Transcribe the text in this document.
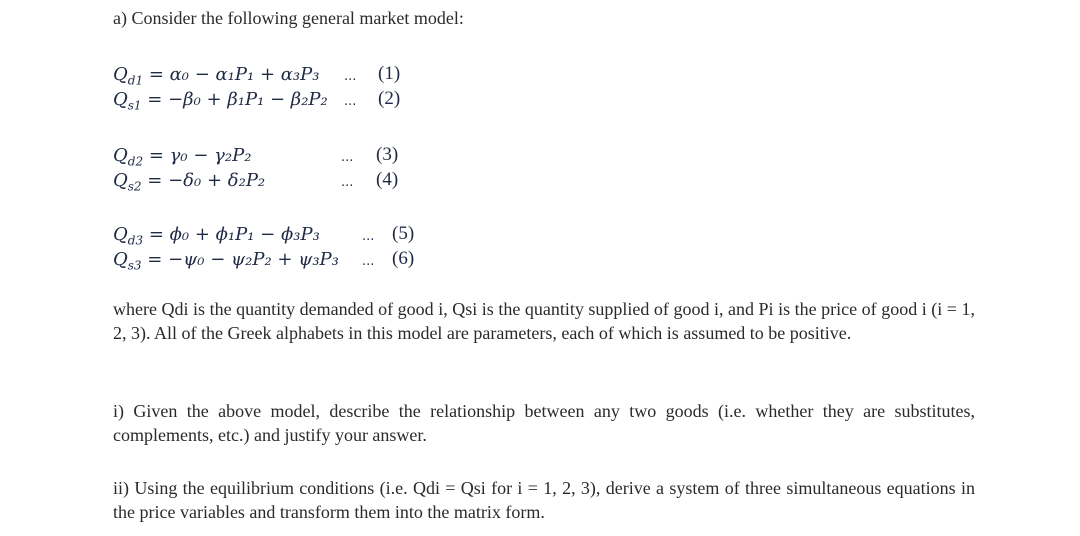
a) Consider the following general market model:
$Q_{d1} = \alpha_0 - \alpha_1P_1 + \alpha_3P_3$ ... (1)
$Q_{s1} = -\beta_0 + \beta_1P_1 - \beta_2P_2$ ... (2)
$Q_{d2} = \gamma_0 - \gamma_2P_2$	... (3)
$Q_{s2} = -\delta_0 + \delta_2P_2$	... (4)
$Q_{d3} = \phi_0 + \phi_1P_1 - \phi_3P_3$	... (5)
$Q_{s3} = -\psi_0 - \psi_2P_2 + \psi_3P_3$ ... (6)
where Qdi is the quantity demanded of good i, Qsi is the quantity supplied of good i, and Pi is the price of good i (i = 1, 2, 3). All of the Greek alphabets in this model are parameters, each of which is assumed to be positive.
i) Given the above model, describe the relationship between any two goods (i.e. whether they are substitutes, complements, etc.) and justify your answer.
ii) Using the equilibrium conditions (i.e. Qdi = Qsi for i = 1, 2, 3), derive a system of three simultaneous equations in the price variables and transform them into the matrix form.
